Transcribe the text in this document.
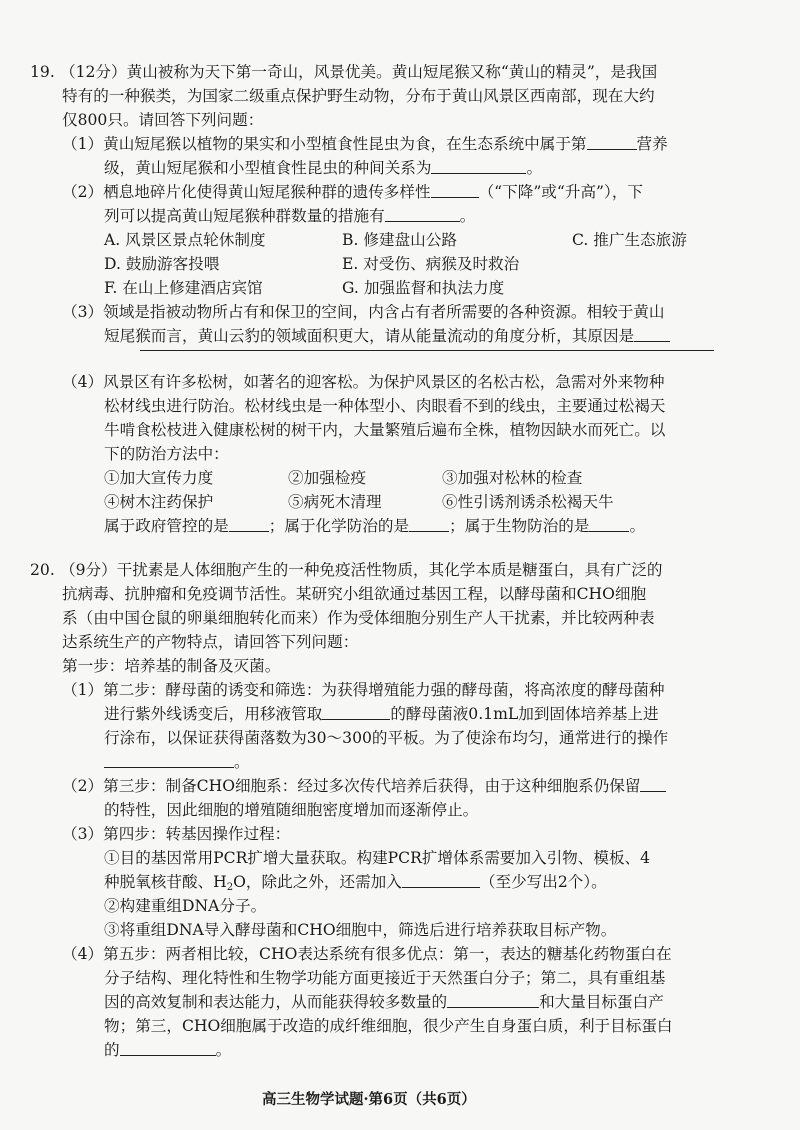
19. （12分）黄山被称为天下第一奇山，风景优美。黄山短尾猴又称“黄山的精灵”，是我国
特有的一种猴类，为国家二级重点保护野生动物，分布于黄山风景区西南部，现在大约
仅800只。请回答下列问题：
（1）黄山短尾猴以植物的果实和小型植食性昆虫为食，在生态系统中属于第	营养
级，黄山短尾猴和小型植食性昆虫的种间关系为	。
（2）栖息地碎片化使得黄山短尾猴种群的遗传多样性	（“下降”或“升高”），下
列可以提高黄山短尾猴种群数量的措施有	。
A. 风景区景点轮休制度	B. 修建盘山公路	C. 推广生态旅游
D. 鼓励游客投喂	E. 对受伤、病猴及时救治
F. 在山上修建酒店宾馆	G. 加强监督和执法力度
（3）领域是指被动物所占有和保卫的空间，内含占有者所需要的各种资源。相较于黄山
短尾猴而言，黄山云豹的领域面积更大，请从能量流动的角度分析，其原因是
（4）风景区有许多松树，如著名的迎客松。为保护风景区的名松古松，急需对外来物种
松材线虫进行防治。松材线虫是一种体型小、肉眼看不到的线虫，主要通过松褐天
牛啃食松枝进入健康松树的树干内，大量繁殖后遍布全株，植物因缺水而死亡。以
下的防治方法中：
①加大宣传力度	②加强检疫	③加强对松林的检查
④树木注药保护	⑤病死木清理	⑥性引诱剂诱杀松褐天牛
属于政府管控的是	；属于化学防治的是	；属于生物防治的是	。
20. （9分）干扰素是人体细胞产生的一种免疫活性物质，其化学本质是糖蛋白，具有广泛的
抗病毒、抗肿瘤和免疫调节活性。某研究小组欲通过基因工程，以酵母菌和CHO细胞
系（由中国仓鼠的卵巢细胞转化而来）作为受体细胞分别生产人干扰素，并比较两种表
达系统生产的产物特点，请回答下列问题：
第一步：培养基的制备及灭菌。
（1）第二步：酵母菌的诱变和筛选：为获得增殖能力强的酵母菌，将高浓度的酵母菌种
进行紫外线诱变后，用移液管取	的酵母菌液0.1mL加到固体培养基上进
行涂布，以保证获得菌落数为30～300的平板。为了使涂布均匀，通常进行的操作
。
（2）第三步：制备CHO细胞系：经过多次传代培养后获得，由于这种细胞系仍保留
的特性，因此细胞的增殖随细胞密度增加而逐渐停止。
（3）第四步：转基因操作过程：
①目的基因常用PCR扩增大量获取。构建PCR扩增体系需要加入引物、模板、4
种脱氧核苷酸、$H_2O$，除此之外，还需加入	（至少写出2个）。
②构建重组DNA分子。
③将重组DNA导入酵母菌和CHO细胞中，筛选后进行培养获取目标产物。
（4）第五步：两者相比较，CHO表达系统有很多优点：第一，表达的糖基化药物蛋白在
分子结构、理化特性和生物学功能方面更接近于天然蛋白分子；第二，具有重组基
因的高效复制和表达能力，从而能获得较多数量的	和大量目标蛋白产
物；第三，CHO细胞属于改造的成纤维细胞，很少产生自身蛋白质，利于目标蛋白
的	。
高三生物学试题·第6页（共6页）
